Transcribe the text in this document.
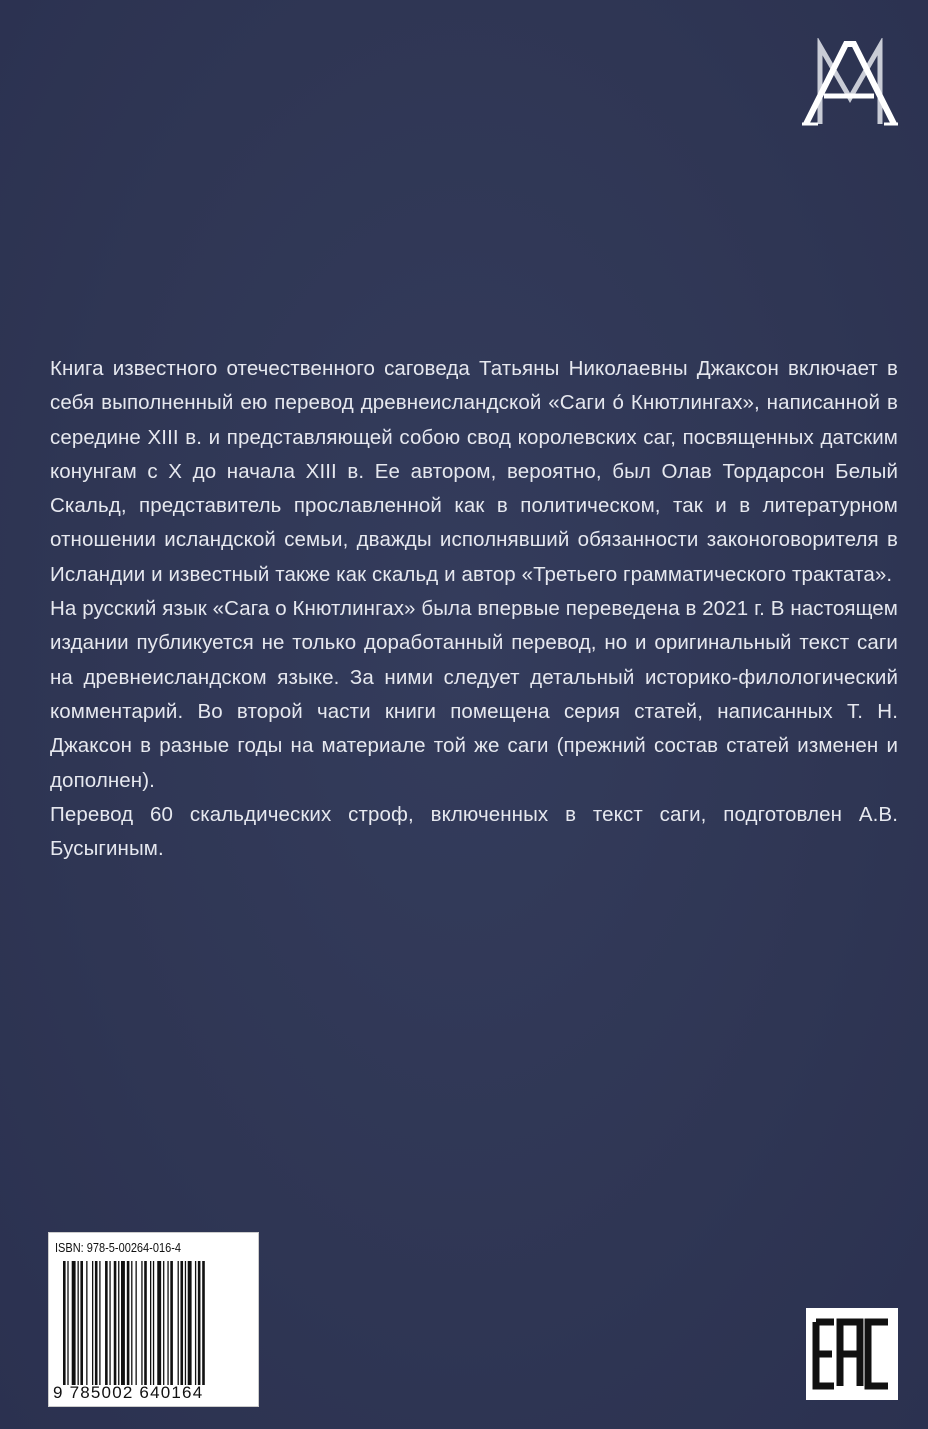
Книга известного отечественного саговеда Татьяны Николаевны Джаксон включает в себя выполненный ею перевод древнеисландской «Саги о́ Кнютлингах», написанной в середине XIII в. и представляющей собою свод королевских саг, посвященных датским конунгам с X до начала XIII в. Ее автором, вероятно, был Олав Тордарсон Белый Скальд, представитель прославленной как в политическом, так и в литературном отношении исландской семьи, дважды исполнявший обязанности законоговорителя в Исландии и известный также как скальд и автор «Третьего грамматического трактата».

На русский язык «Сага о Кнютлингах» была впервые переведена в 2021 г. В настоящем издании публикуется не только доработанный перевод, но и оригинальный текст саги на древнеисландском языке. За ними следует детальный историко-филологический комментарий. Во второй части книги помещена серия статей, написанных Т. Н. Джаксон в разные годы на материале той же саги (прежний состав статей изменен и дополнен).

Перевод 60 скальдических строф, включенных в текст саги, подготовлен А.В. Бусыгиным.

ISBN: 978-5-00264-016-4
9 785002 640164
